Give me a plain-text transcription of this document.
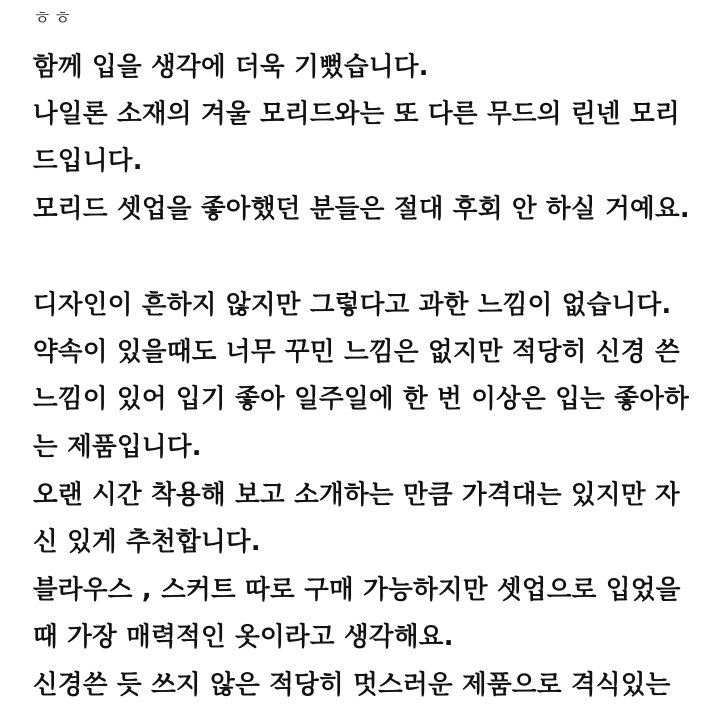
ㅎㅎ
함께 입을 생각에 더욱 기뻤습니다.
나일론 소재의 겨울 모리드와는 또 다른 무드의 린넨 모리
드입니다.
모리드 셋업을 좋아했던 분들은 절대 후회 안 하실 거예요.
디자인이 흔하지 않지만 그렇다고 과한 느낌이 없습니다.
약속이 있을때도 너무 꾸민 느낌은 없지만 적당히 신경 쓴
느낌이 있어 입기 좋아 일주일에 한 번 이상은 입는 좋아하
는 제품입니다.
오랜 시간 착용해 보고 소개하는 만큼 가격대는 있지만 자
신 있게 추천합니다.
블라우스 , 스커트 따로 구매 가능하지만 셋업으로 입었을
때 가장 매력적인 옷이라고 생각해요.
신경쓴 듯 쓰지 않은 적당히 멋스러운 제품으로 격식있는
